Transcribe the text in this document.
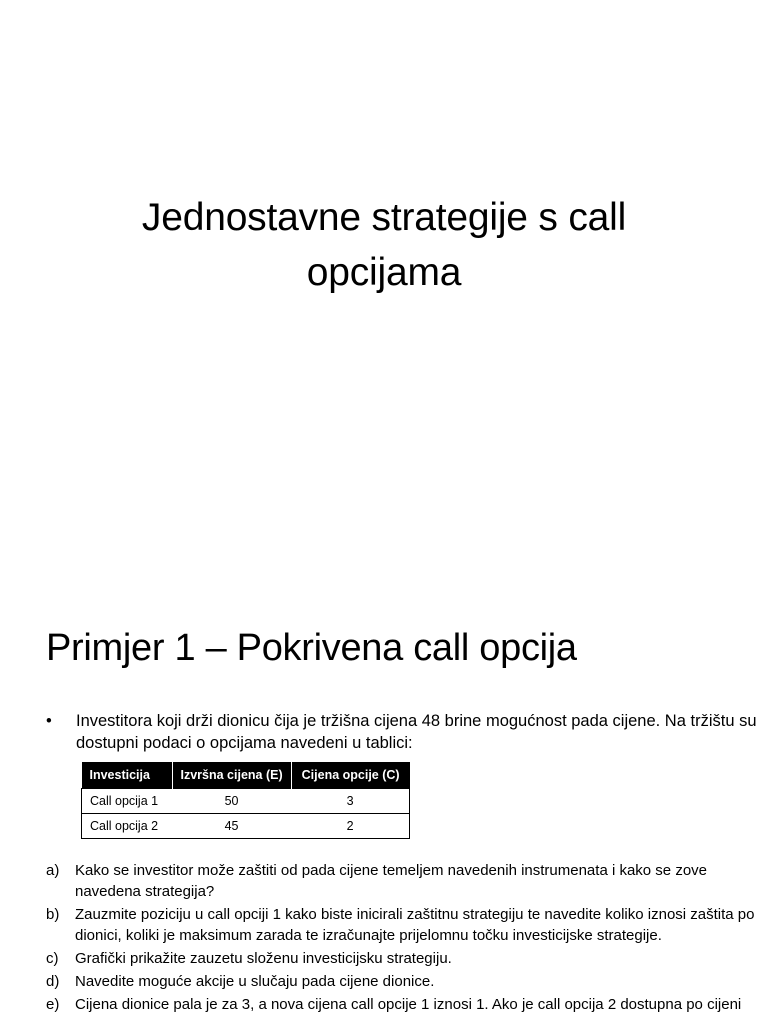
Jednostavne strategije s call
opcijama
Primjer 1 – Pokrivena call opcija
• Investitora koji drži dionicu čija je tržišna cijena 48 brine mogućnost pada cijene. Na tržištu su dostupni podaci o opcijama navedeni u tablici:
Investicija	Izvršna cijena (E)	Cijena opcije (C)
Call opcija 1	50	3
Call opcija 2	45	2
a) Kako se investitor može zaštiti od pada cijene temeljem navedenih instrumenata i kako se zove navedena strategija?
b) Zauzmite poziciju u call opciji 1 kako biste inicirali zaštitnu strategiju te navedite koliko iznosi zaštita po dionici, koliki je maksimum zarada te izračunajte prijelomnu točku investicijske strategije.
c) Grafički prikažite zauzetu složenu investicijsku strategiju.
d) Navedite moguće akcije u slučaju pada cijene dionice.
e) Cijena dionice pala je za 3, a nova cijena call opcije 1 iznosi 1. Ako je call opcija 2 dostupna po cijeni
